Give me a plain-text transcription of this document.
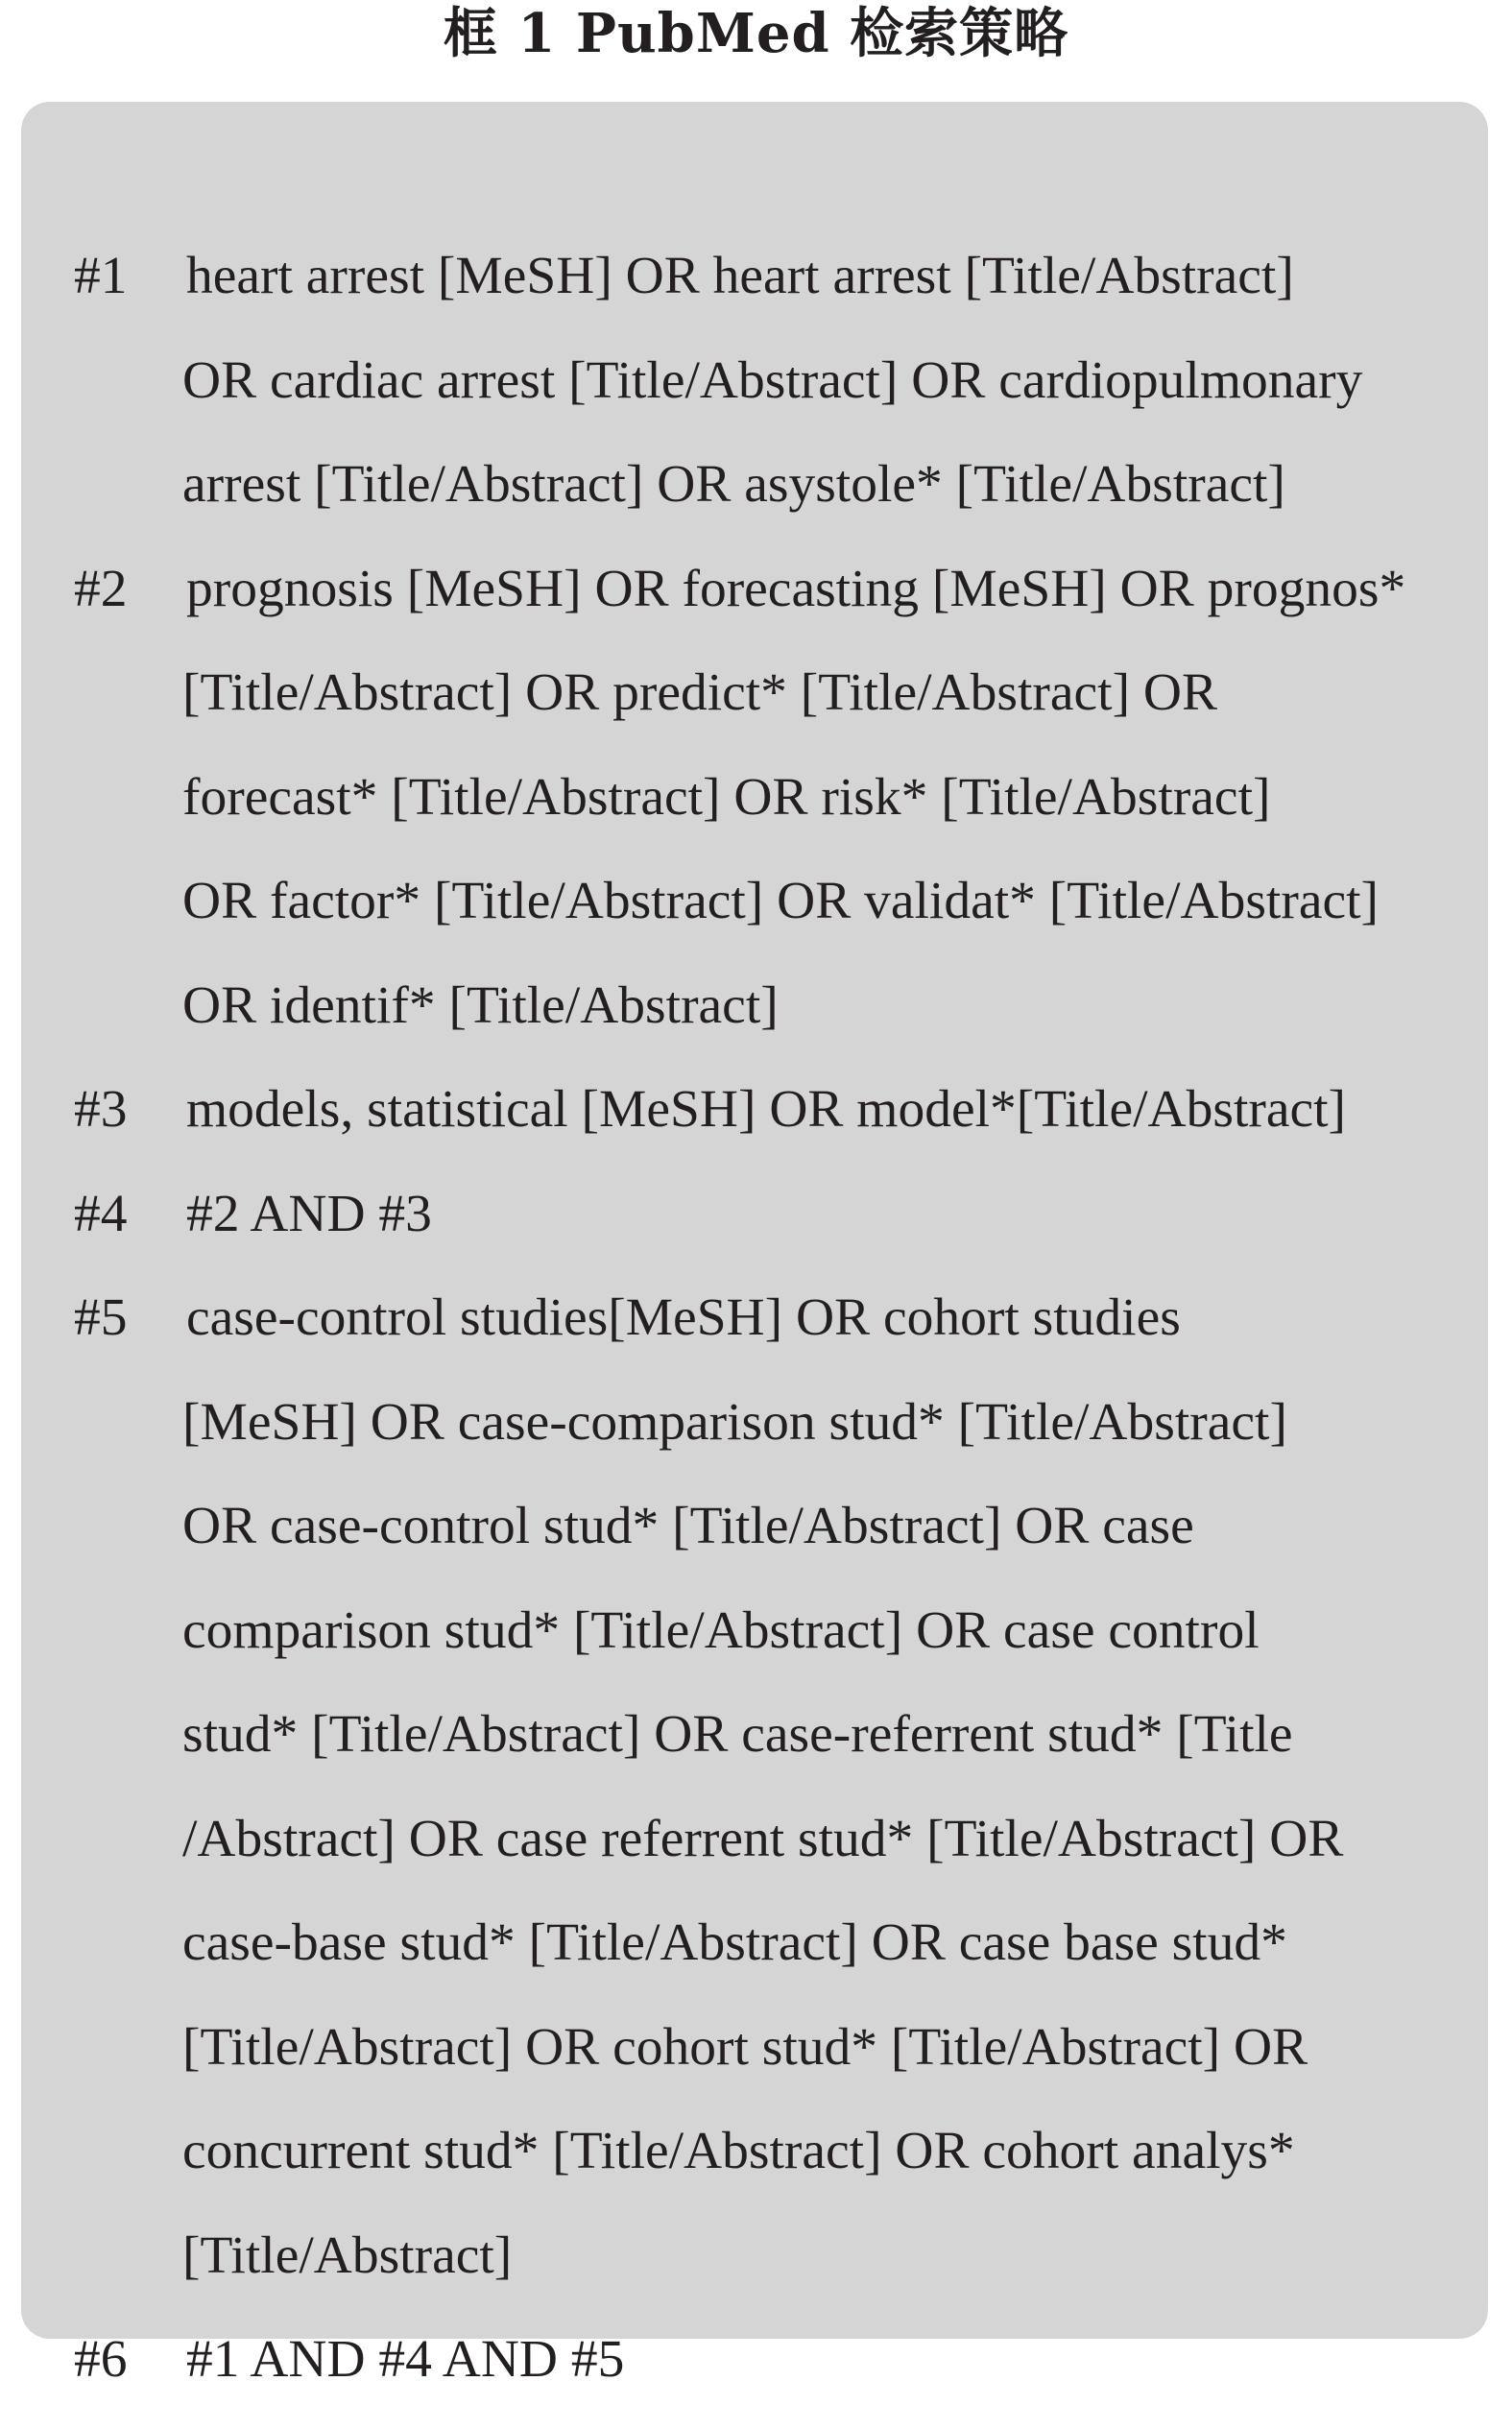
框 1 PubMed 检索策略
#1 heart arrest [MeSH] OR heart arrest [Title/Abstract]
OR cardiac arrest [Title/Abstract] OR cardiopulmonary
arrest [Title/Abstract] OR asystole* [Title/Abstract]
#2 prognosis [MeSH] OR forecasting [MeSH] OR prognos*
[Title/Abstract] OR predict* [Title/Abstract] OR
forecast* [Title/Abstract] OR risk* [Title/Abstract]
OR factor* [Title/Abstract] OR validat* [Title/Abstract]
OR identif* [Title/Abstract]
#3 models, statistical [MeSH] OR model*[Title/Abstract]
#4 #2 AND #3
#5 case-control studies[MeSH] OR cohort studies
[MeSH] OR case-comparison stud* [Title/Abstract]
OR case-control stud* [Title/Abstract] OR case
comparison stud* [Title/Abstract] OR case control
stud* [Title/Abstract] OR case-referrent stud* [Title
/Abstract] OR case referrent stud* [Title/Abstract] OR
case-base stud* [Title/Abstract] OR case base stud*
[Title/Abstract] OR cohort stud* [Title/Abstract] OR
concurrent stud* [Title/Abstract] OR cohort analys*
[Title/Abstract]
#6 #1 AND #4 AND #5
